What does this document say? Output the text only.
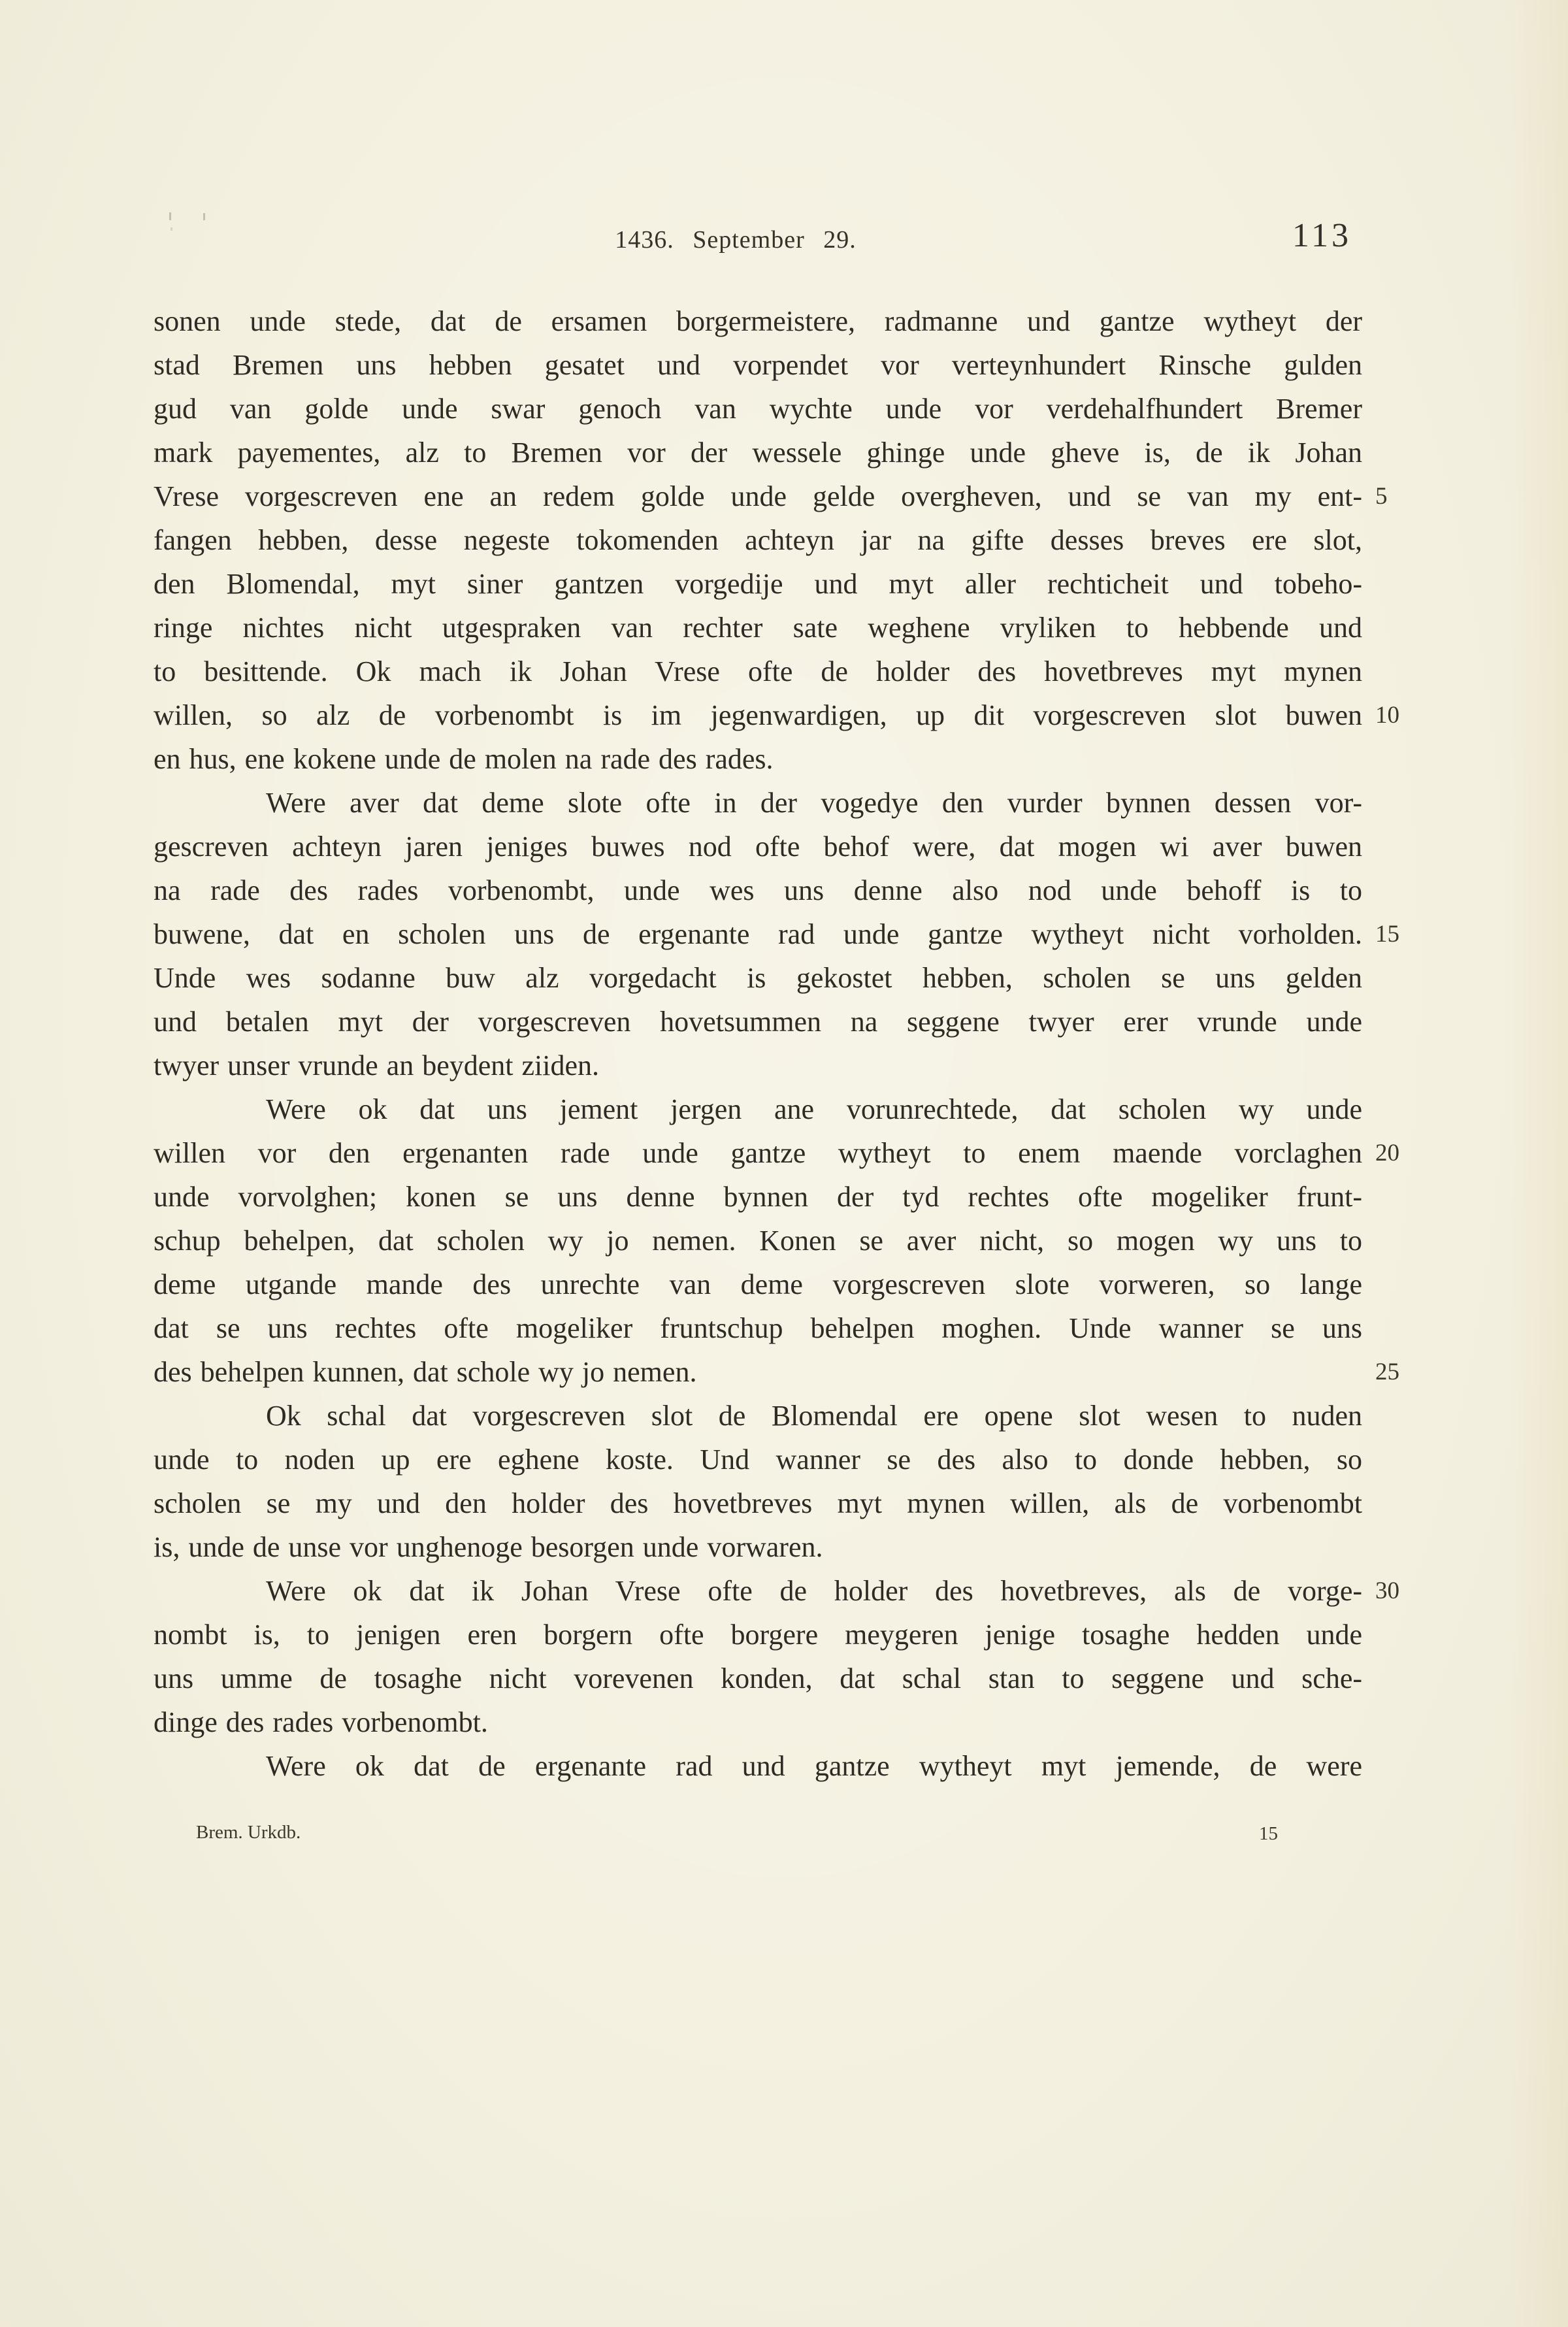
1436. September 29.	113
sonen unde stede, dat de ersamen borgermeistere, radmanne und gantze wytheyt der
stad Bremen uns hebben gesatet und vorpendet vor verteynhundert Rinsche gulden
gud van golde unde swar genoch van wychte unde vor verdehalfhundert Bremer
mark payementes, alz to Bremen vor der wessele ghinge unde gheve is, de ik Johan
Vrese vorgescreven ene an redem golde unde gelde overgheven, und se van my ent- 5
fangen hebben, desse negeste tokomenden achteyn jar na gifte desses breves ere slot,
den Blomendal, myt siner gantzen vorgedije und myt aller rechticheit und tobeho-
ringe nichtes nicht utgespraken van rechter sate weghene vryliken to hebbende und
to besittende. Ok mach ik Johan Vrese ofte de holder des hovetbreves myt mynen
willen, so alz de vorbenombt is im jegenwardigen, up dit vorgescreven slot buwen 10
en hus, ene kokene unde de molen na rade des rades.
Were aver dat deme slote ofte in der vogedye den vurder bynnen dessen vor-
gescreven achteyn jaren jeniges buwes nod ofte behof were, dat mogen wi aver buwen
na rade des rades vorbenombt, unde wes uns denne also nod unde behoff is to
buwene, dat en scholen uns de ergenante rad unde gantze wytheyt nicht vorholden. 15
Unde wes sodanne buw alz vorgedacht is gekostet hebben, scholen se uns gelden
und betalen myt der vorgescreven hovetsummen na seggene twyer erer vrunde unde
twyer unser vrunde an beydent ziiden.
Were ok dat uns jement jergen ane vorunrechtede, dat scholen wy unde
willen vor den ergenanten rade unde gantze wytheyt to enem maende vorclaghen 20
unde vorvolghen; konen se uns denne bynnen der tyd rechtes ofte mogeliker frunt-
schup behelpen, dat scholen wy jo nemen. Konen se aver nicht, so mogen wy uns to
deme utgande mande des unrechte van deme vorgescreven slote vorweren, so lange
dat se uns rechtes ofte mogeliker fruntschup behelpen moghen. Unde wanner se uns
des behelpen kunnen, dat schole wy jo nemen.	25
Ok schal dat vorgescreven slot de Blomendal ere opene slot wesen to nuden
unde to noden up ere eghene koste. Und wanner se des also to donde hebben, so
scholen se my und den holder des hovetbreves myt mynen willen, als de vorbenombt
is, unde de unse vor unghenoge besorgen unde vorwaren.
Were ok dat ik Johan Vrese ofte de holder des hovetbreves, als de vorge- 30
nombt is, to jenigen eren borgern ofte borgere meygeren jenige tosaghe hedden unde
uns umme de tosaghe nicht vorevenen konden, dat schal stan to seggene und sche-
dinge des rades vorbenombt.
Were ok dat de ergenante rad und gantze wytheyt myt jemende, de were
Brem. Urkdb.	15
